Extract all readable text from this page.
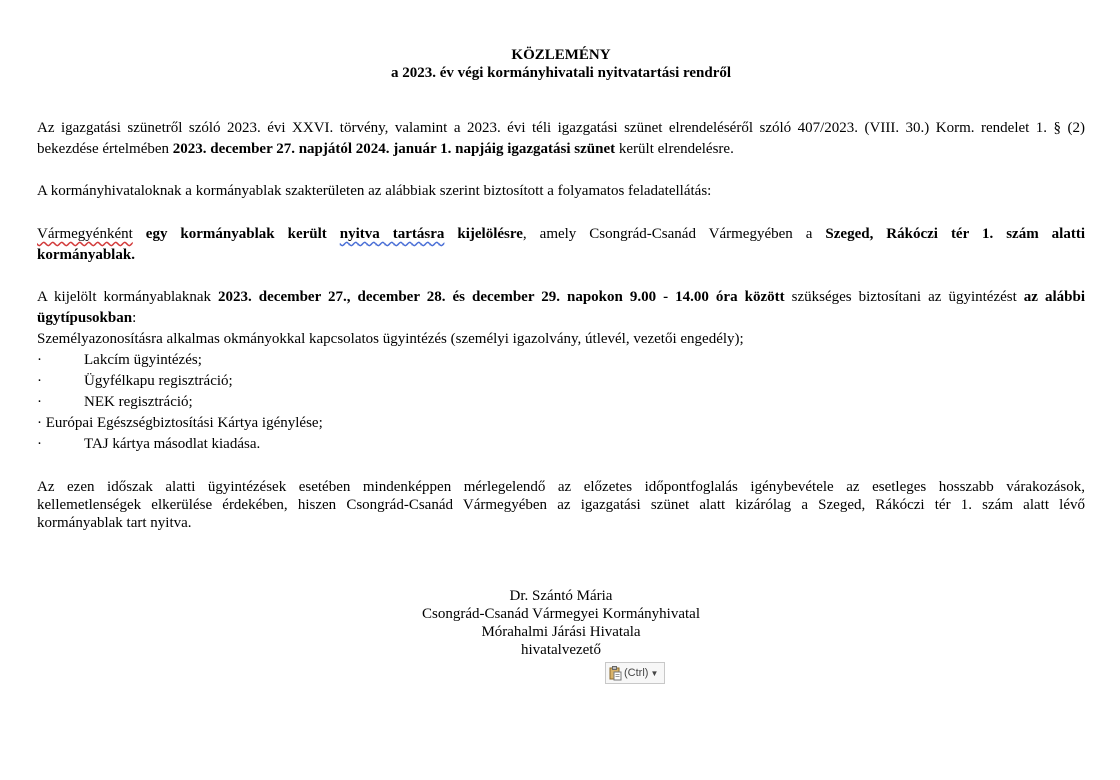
KÖZLEMÉNY
a 2023. év végi kormányhivatali nyitvatartási rendről
Az igazgatási szünetről szóló 2023. évi XXVI. törvény, valamint a 2023. évi téli igazgatási szünet elrendeléséről szóló 407/2023. (VIII. 30.) Korm. rendelet 1. § (2)
bekezdése értelmében 2023. december 27. napjától 2024. január 1. napjáig igazgatási szünet került elrendelésre.
A kormányhivataloknak a kormányablak szakterületen az alábbiak szerint biztosított a folyamatos feladatellátás:
Vármegyénként egy kormányablak került nyitva tartásra kijelölésre, amely Csongrád-Csanád Vármegyében a Szeged, Rákóczi tér 1. szám alatti
kormányablak.
A kijelölt kormányablaknak 2023. december 27., december 28. és december 29. napokon 9.00 - 14.00 óra között szükséges biztosítani az ügyintézést az alábbi
ügytípusokban:
Személyazonosításra alkalmas okmányokkal kapcsolatos ügyintézés (személyi igazolvány, útlevél, vezetői engedély);
·	Lakcím ügyintézés;
·	Ügyfélkapu regisztráció;
·	NEK regisztráció;
· Európai Egészségbiztosítási Kártya igénylése;
·	TAJ kártya másodlat kiadása.
Az ezen időszak alatti ügyintézések esetében mindenképpen mérlegelendő az előzetes időpontfoglalás igénybevétele az esetleges hosszabb várakozások,
kellemetlenségek elkerülése érdekében, hiszen Csongrád-Csanád Vármegyében az igazgatási szünet alatt kizárólag a Szeged, Rákóczi tér 1. szám alatt lévő
kormányablak tart nyitva.
Dr. Szántó Mária
Csongrád-Csanád Vármegyei Kormányhivatal
Mórahalmi Járási Hivatala
hivatalvezető
(Ctrl) ▼
